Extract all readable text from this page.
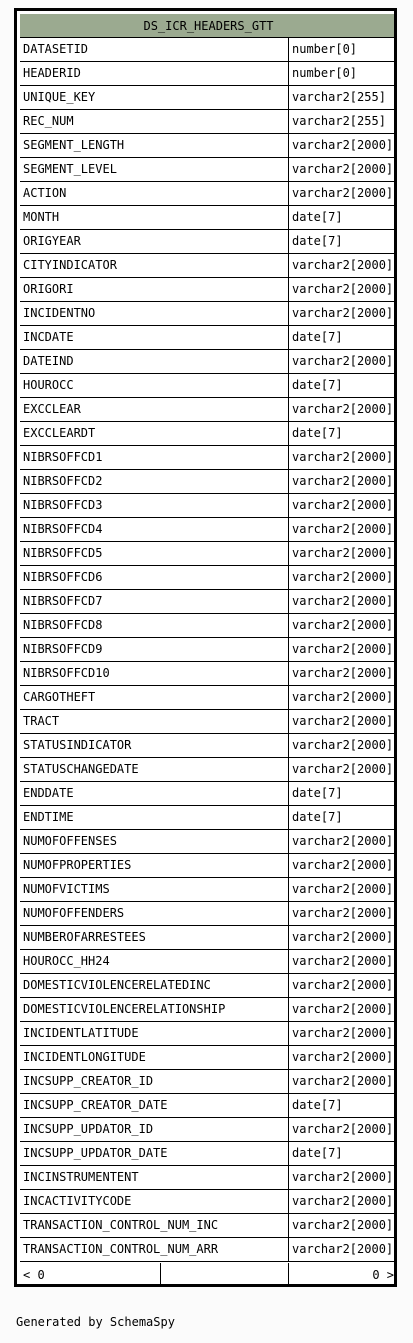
DS_ICR_HEADERS_GTT
DATASETID	number[0]
HEADERID	number[0]
UNIQUE_KEY	varchar2[255]
REC_NUM	varchar2[255]
SEGMENT_LENGTH	varchar2[2000]
SEGMENT_LEVEL	varchar2[2000]
ACTION	varchar2[2000]
MONTH	date[7]
ORIGYEAR	date[7]
CITYINDICATOR	varchar2[2000]
ORIGORI	varchar2[2000]
INCIDENTNO	varchar2[2000]
INCDATE	date[7]
DATEIND	varchar2[2000]
HOUROCC	date[7]
EXCCLEAR	varchar2[2000]
EXCCLEARDT	date[7]
NIBRSOFFCD1	varchar2[2000]
NIBRSOFFCD2	varchar2[2000]
NIBRSOFFCD3	varchar2[2000]
NIBRSOFFCD4	varchar2[2000]
NIBRSOFFCD5	varchar2[2000]
NIBRSOFFCD6	varchar2[2000]
NIBRSOFFCD7	varchar2[2000]
NIBRSOFFCD8	varchar2[2000]
NIBRSOFFCD9	varchar2[2000]
NIBRSOFFCD10	varchar2[2000]
CARGOTHEFT	varchar2[2000]
TRACT	varchar2[2000]
STATUSINDICATOR	varchar2[2000]
STATUSCHANGEDATE	varchar2[2000]
ENDDATE	date[7]
ENDTIME	date[7]
NUMOFOFFENSES	varchar2[2000]
NUMOFPROPERTIES	varchar2[2000]
NUMOFVICTIMS	varchar2[2000]
NUMOFOFFENDERS	varchar2[2000]
NUMBEROFARRESTEES	varchar2[2000]
HOUROCC_HH24	varchar2[2000]
DOMESTICVIOLENCERELATEDINC	varchar2[2000]
DOMESTICVIOLENCERELATIONSHIP	varchar2[2000]
INCIDENTLATITUDE	varchar2[2000]
INCIDENTLONGITUDE	varchar2[2000]
INCSUPP_CREATOR_ID	varchar2[2000]
INCSUPP_CREATOR_DATE	date[7]
INCSUPP_UPDATOR_ID	varchar2[2000]
INCSUPP_UPDATOR_DATE	date[7]
INCINSTRUMENTENT	varchar2[2000]
INCACTIVITYCODE	varchar2[2000]
TRANSACTION_CONTROL_NUM_INC	varchar2[2000]
TRANSACTION_CONTROL_NUM_ARR	varchar2[2000]
< 0	0 >
Generated by SchemaSpy
